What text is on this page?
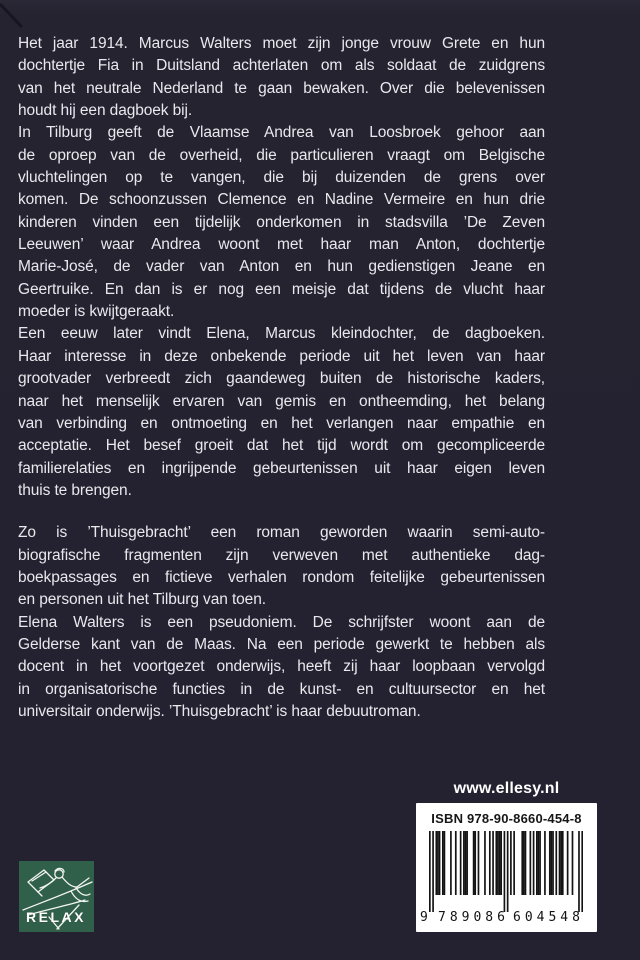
Het jaar 1914. Marcus Walters moet zijn jonge vrouw Grete en hun
dochtertje Fia in Duitsland achterlaten om als soldaat de zuidgrens
van het neutrale Nederland te gaan bewaken. Over die belevenissen
houdt hij een dagboek bij.
In Tilburg geeft de Vlaamse Andrea van Loosbroek gehoor aan
de oproep van de overheid, die particulieren vraagt om Belgische
vluchtelingen op te vangen, die bij duizenden de grens over
komen. De schoonzussen Clemence en Nadine Vermeire en hun drie
kinderen vinden een tijdelijk onderkomen in stadsvilla ’De Zeven
Leeuwen’ waar Andrea woont met haar man Anton, dochtertje
Marie-José, de vader van Anton en hun gedienstigen Jeane en
Geertruike. En dan is er nog een meisje dat tijdens de vlucht haar
moeder is kwijtgeraakt.
Een eeuw later vindt Elena, Marcus kleindochter, de dagboeken.
Haar interesse in deze onbekende periode uit het leven van haar
grootvader verbreedt zich gaandeweg buiten de historische kaders,
naar het menselijk ervaren van gemis en ontheemding, het belang
van verbinding en ontmoeting en het verlangen naar empathie en
acceptatie. Het besef groeit dat het tijd wordt om gecompliceerde
familierelaties en ingrijpende gebeurtenissen uit haar eigen leven
thuis te brengen.
Zo is ’Thuisgebracht’ een roman geworden waarin semi-auto-
biografische fragmenten zijn verweven met authentieke dag-
boekpassages en fictieve verhalen rondom feitelijke gebeurtenissen
en personen uit het Tilburg van toen.
Elena Walters is een pseudoniem. De schrijfster woont aan de
Gelderse kant van de Maas. Na een periode gewerkt te hebben als
docent in het voortgezet onderwijs, heeft zij haar loopbaan vervolgd
in organisatorische functies in de kunst- en cultuursector en het
universitair onderwijs. ’Thuisgebracht’ is haar debuutroman.
www.ellesy.nl
ISBN 978-90-8660-454-8
9 789086 604548
RELAX
